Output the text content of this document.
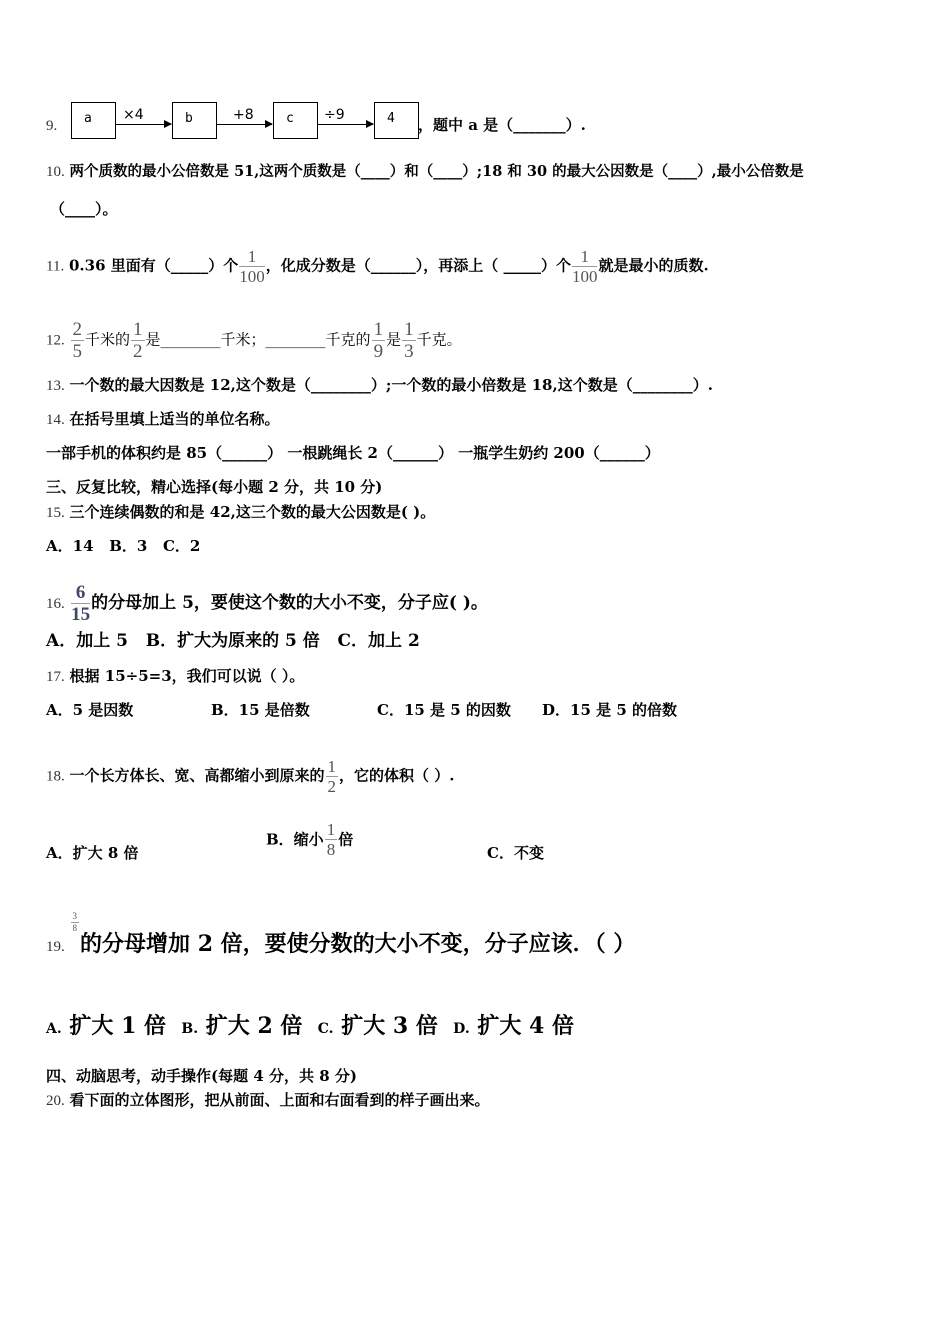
9. a ×4	b	+8 c ÷9	4 ，题中 a 是（_______）.
10. 两个质数的最小公倍数是 51,这两个质数是（____）和（____）;18 和 30 的最大公因数是（____）,最小公倍数是
（____）。
11. 0.36 里面有（_____）个 $\frac{1}{100}$ ，化成分数是（______），再添上（ _____）个 $\frac{1}{100}$ 就是最小的质数.
12. $\frac{2}{5}$ 千米的 $\frac{1}{2}$ 是________千米；________千克的 $\frac{1}{9}$ 是 $\frac{1}{3}$ 千克。
13. 一个数的最大因数是 12,这个数是（________）;一个数的最小倍数是 18,这个数是（________）.
14. 在括号里填上适当的单位名称。
一部手机的体积约是 85（______） 一根跳绳长 2（______） 一瓶学生奶约 200（______）
三、反复比较，精心选择(每小题 2 分，共 10 分)
15. 三个连续偶数的和是 42,这三个数的最大公因数是( )。
A．14 B．3 C．2
16. $\frac{6}{15}$ 的分母加上 5，要使这个数的大小不变，分子应( )。
A．加上 5 B．扩大为原来的 5 倍 C．加上 2
17. 根据 15÷5=3，我们可以说（ ）。
A．5 是因数	B．15 是倍数	C．15 是 5 的因数 D．15 是 5 的倍数
18. 一个长方体长、宽、高都缩小到原来的 $\frac{1}{2}$ ，它的体积（ ）.
A．扩大 8 倍
B．缩小 $\frac{1}{8}$ 倍
C．不变
19.
$\frac{3}{8}$
的分母增加 2 倍，要使分数的大小不变，分子应该．（ ）
A. 扩大 1 倍 B. 扩大 2 倍 C. 扩大 3 倍 D. 扩大 4 倍
四、动脑思考，动手操作(每题 4 分，共 8 分)
20. 看下面的立体图形，把从前面、上面和右面看到的样子画出来。
